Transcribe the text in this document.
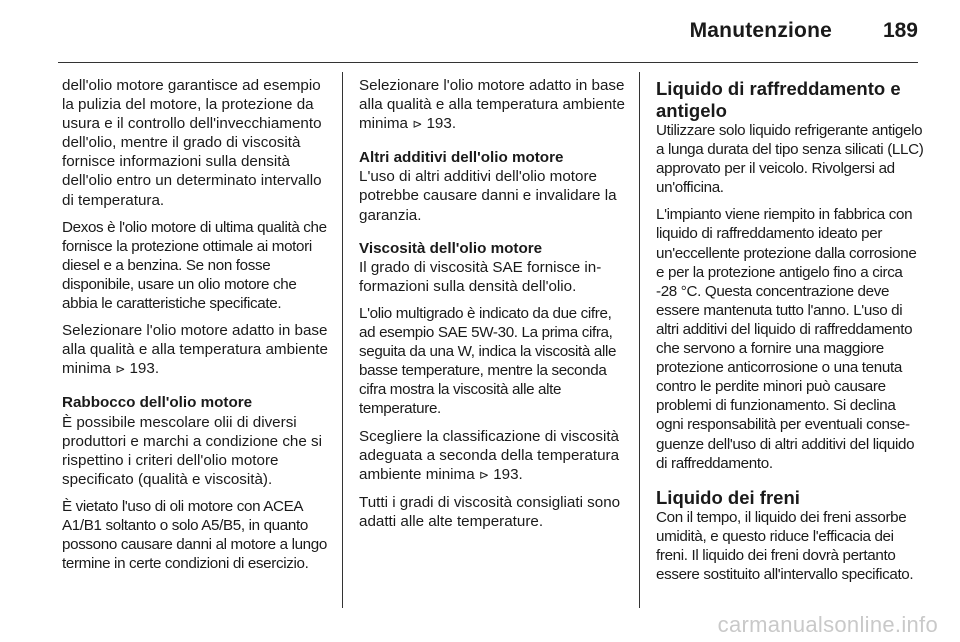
Manutenzione 189

dell'olio motore garantisce ad esempio la pulizia del motore, la protezione da usura e il controllo dell'invecchiamento dell'olio, mentre il grado di viscosità fornisce informazioni sulla densità dell'olio entro un determinato intervallo di temperatura.

Dexos è l'olio motore di ultima qualità che fornisce la protezione ottimale ai motori diesel e a benzina. Se non fosse disponibile, usare un olio motore che abbia le caratteristiche specificate.

Selezionare l'olio motore adatto in base alla qualità e alla temperatura ambiente minima ⊳ 193.

Rabbocco dell'olio motore

È possibile mescolare olii di diversi produttori e marchi a condizione che si rispettino i criteri dell'olio motore specificato (qualità e viscosità).

È vietato l'uso di oli motore con ACEA A1/B1 soltanto o solo A5/B5, in quanto possono causare danni al motore a lungo termine in certe condizioni di esercizio.

Selezionare l'olio motore adatto in base alla qualità e alla temperatura ambiente minima ⊳ 193.

Altri additivi dell'olio motore

L'uso di altri additivi dell'olio motore potrebbe causare danni e invalidare la garanzia.

Viscosità dell'olio motore

Il grado di viscosità SAE fornisce informazioni sulla densità dell'olio.

L'olio multigrado è indicato da due cifre, ad esempio SAE 5W-30. La prima cifra, seguita da una W, indica la viscosità alle basse temperature, mentre la seconda cifra mostra la viscosità alle alte temperature.

Scegliere la classificazione di viscosità adeguata a seconda della temperatura ambiente minima ⊳ 193.

Tutti i gradi di viscosità consigliati sono adatti alle alte temperature.

Liquido di raffreddamento e antigelo

Utilizzare solo liquido refrigerante antigelo a lunga durata del tipo senza silicati (LLC) approvato per il veicolo. Rivolgersi ad un'officina.

L'impianto viene riempito in fabbrica con liquido di raffreddamento ideato per un'eccellente protezione dalla corrosione e per la protezione antigelo fino a circa -28 °C. Questa concentrazione deve essere mantenuta tutto l'anno. L'uso di altri additivi del liquido di raffreddamento che servono a fornire una maggiore protezione anticorrosione o una tenuta contro le perdite minori può causare problemi di funzionamento. Si declina ogni responsabilità per eventuali conseguenze dell'uso di altri additivi del liquido di raffreddamento.

Liquido dei freni

Con il tempo, il liquido dei freni assorbe umidità, e questo riduce l'efficacia dei freni. Il liquido dei freni dovrà pertanto essere sostituito all'intervallo specificato.

carmanualsonline.info
